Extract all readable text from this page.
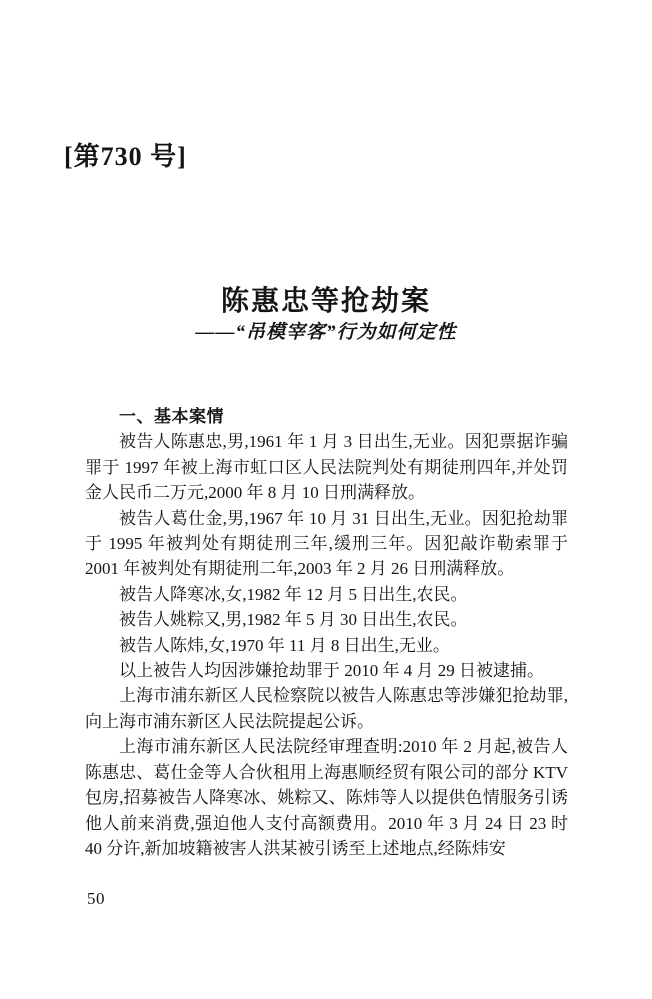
[第730 号]
陈惠忠等抢劫案
——“吊模宰客”行为如何定性
一、基本案情

被告人陈惠忠,男,1961 年 1 月 3 日出生,无业。因犯票据诈骗罪于 1997 年被上海市虹口区人民法院判处有期徒刑四年,并处罚金人民币二万元,2000 年 8 月 10 日刑满释放。

被告人葛仕金,男,1967 年 10 月 31 日出生,无业。因犯抢劫罪于 1995 年被判处有期徒刑三年,缓刑三年。因犯敲诈勒索罪于 2001 年被判处有期徒刑二年,2003 年 2 月 26 日刑满释放。

被告人降寒冰,女,1982 年 12 月 5 日出生,农民。

被告人姚粽又,男,1982 年 5 月 30 日出生,农民。

被告人陈炜,女,1970 年 11 月 8 日出生,无业。

以上被告人均因涉嫌抢劫罪于 2010 年 4 月 29 日被逮捕。

上海市浦东新区人民检察院以被告人陈惠忠等涉嫌犯抢劫罪,向上海市浦东新区人民法院提起公诉。

上海市浦东新区人民法院经审理查明:2010 年 2 月起,被告人陈惠忠、葛仕金等人合伙租用上海惠顺经贸有限公司的部分 KTV 包房,招募被告人降寒冰、姚粽又、陈炜等人以提供色情服务引诱他人前来消费,强迫他人支付高额费用。2010 年 3 月 24 日 23 时 40 分许,新加坡籍被害人洪某被引诱至上述地点,经陈炜安

50
